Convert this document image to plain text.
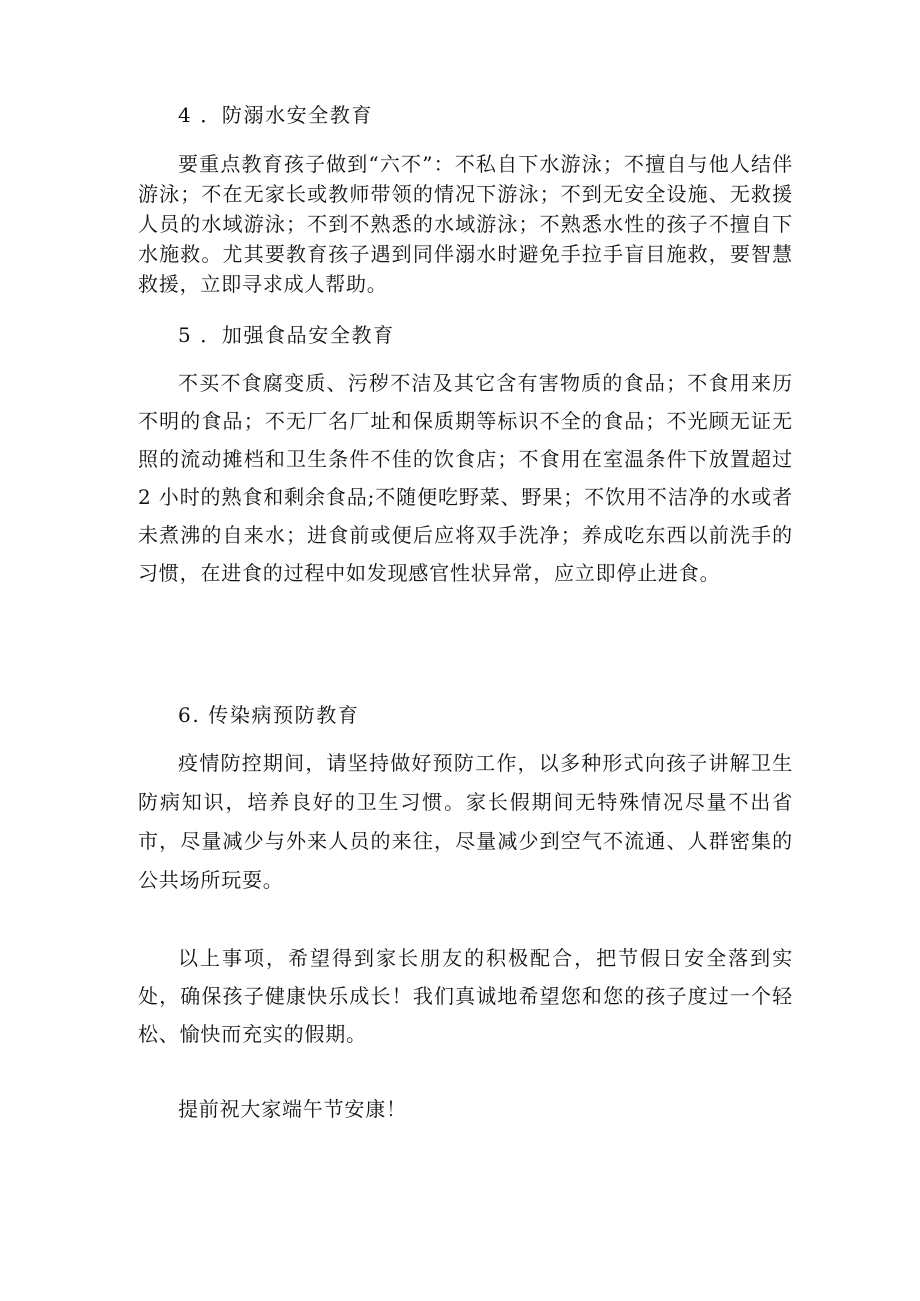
4 ．防溺水安全教育

要重点教育孩子做到“六不”：不私自下水游泳；不擅自与他人结伴游泳；不在无家长或教师带领的情况下游泳；不到无安全设施、无救援人员的水域游泳；不到不熟悉的水域游泳；不熟悉水性的孩子不擅自下水施救。尤其要教育孩子遇到同伴溺水时避免手拉手盲目施救，要智慧救援，立即寻求成人帮助。

5 ．加强食品安全教育

不买不食腐变质、污秽不洁及其它含有害物质的食品；不食用来历不明的食品；不无厂名厂址和保质期等标识不全的食品；不光顾无证无照的流动摊档和卫生条件不佳的饮食店；不食用在室温条件下放置超过 2 小时的熟食和剩余食品;不随便吃野菜、野果；不饮用不洁净的水或者未煮沸的自来水；进食前或便后应将双手洗净；养成吃东西以前洗手的习惯，在进食的过程中如发现感官性状异常，应立即停止进食。

6. 传染病预防教育

疫情防控期间，请坚持做好预防工作，以多种形式向孩子讲解卫生防病知识，培养良好的卫生习惯。家长假期间无特殊情况尽量不出省市，尽量减少与外来人员的来往，尽量减少到空气不流通、人群密集的公共场所玩耍。

以上事项，希望得到家长朋友的积极配合，把节假日安全落到实处，确保孩子健康快乐成长！我们真诚地希望您和您的孩子度过一个轻松、愉快而充实的假期。

提前祝大家端午节安康！
